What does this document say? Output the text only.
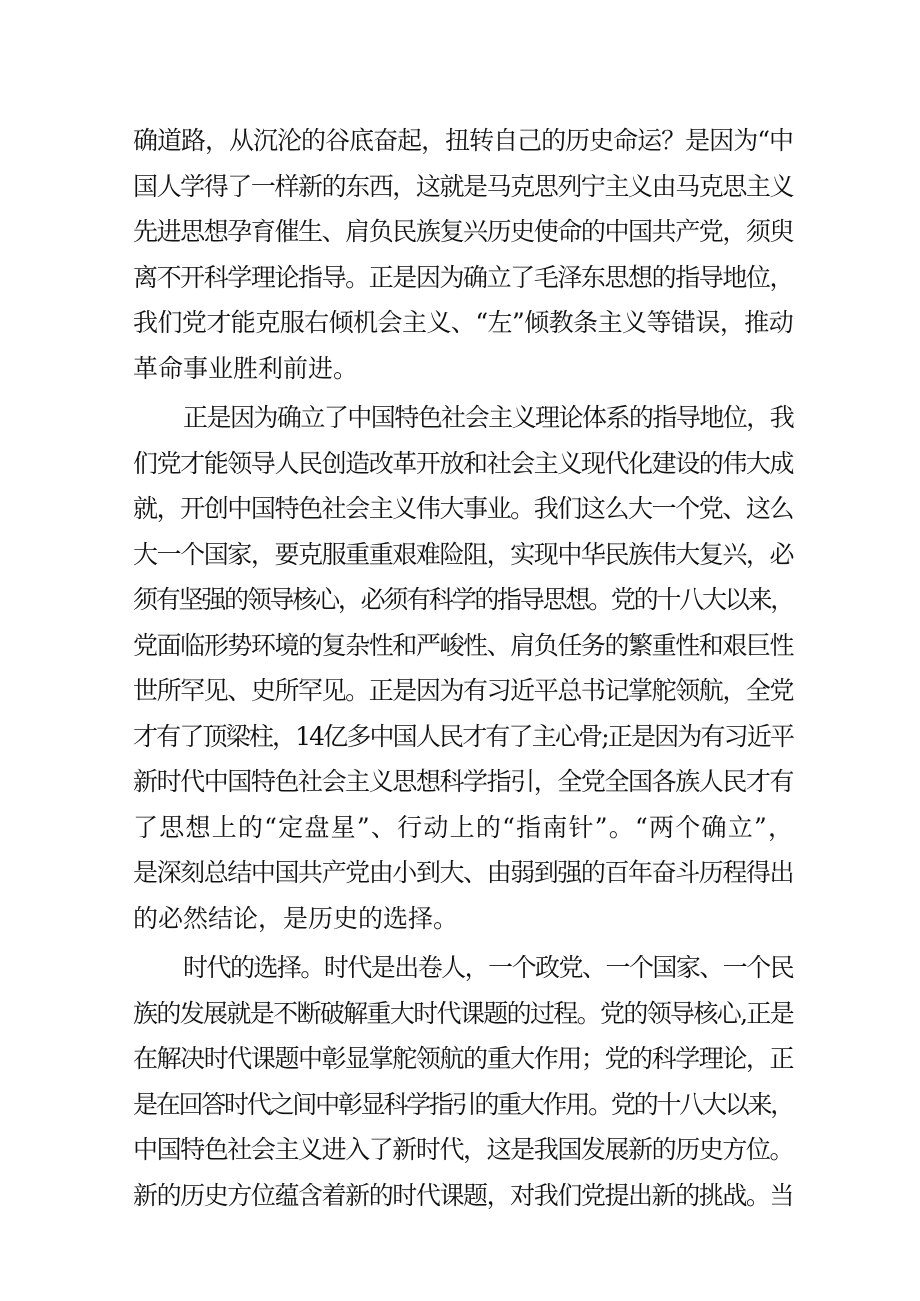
确道路，从沉沦的谷底奋起，扭转自己的历史命运？是因为“中
国人学得了一样新的东西，这就是马克思列宁主义由马克思主义
先进思想孕育催生、肩负民族复兴历史使命的中国共产党，须臾
离不开科学理论指导。正是因为确立了毛泽东思想的指导地位，
我们党才能克服右倾机会主义、“左”倾教条主义等错误，推动
革命事业胜利前进。
正是因为确立了中国特色社会主义理论体系的指导地位，我
们党才能领导人民创造改革开放和社会主义现代化建设的伟大成
就，开创中国特色社会主义伟大事业。我们这么大一个党、这么
大一个国家，要克服重重艰难险阻，实现中华民族伟大复兴，必
须有坚强的领导核心，必须有科学的指导思想。党的十八大以来，
党面临形势环境的复杂性和严峻性、肩负任务的繁重性和艰巨性
世所罕见、史所罕见。正是因为有习近平总书记掌舵领航，全党
才有了顶梁柱，14亿多中国人民才有了主心骨;正是因为有习近平
新时代中国特色社会主义思想科学指引，全党全国各族人民才有
了思想上的“定盘星”、行动上的“指南针”。“两个确立”，
是深刻总结中国共产党由小到大、由弱到强的百年奋斗历程得出
的必然结论，是历史的选择。
时代的选择。时代是出卷人，一个政党、一个国家、一个民
族的发展就是不断破解重大时代课题的过程。党的领导核心,正是
在解决时代课题中彰显掌舵领航的重大作用；党的科学理论，正
是在回答时代之间中彰显科学指引的重大作用。党的十八大以来，
中国特色社会主义进入了新时代，这是我国发展新的历史方位。
新的历史方位蕴含着新的时代课题，对我们党提出新的挑战。当
